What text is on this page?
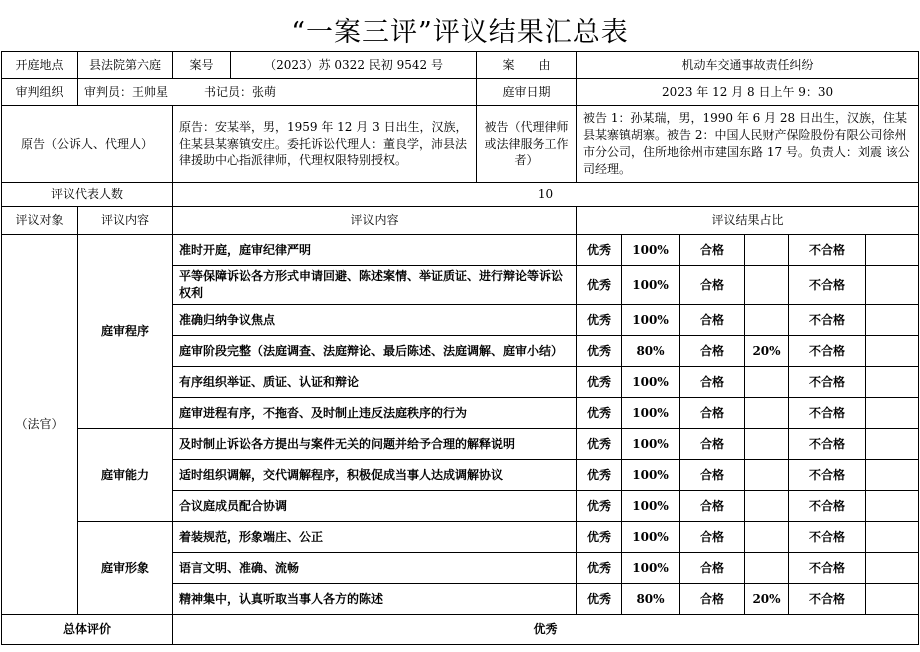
“一案三评”评议结果汇总表
开庭地点	县法院第六庭	案号	（2023）苏 0322 民初 9542 号	案　　由	机动车交通事故责任纠纷					
审判组织	审判员：王帅星　　　书记员：张萌			庭审日期	2023 年 12 月 8 日上午 9：30					
原告（公诉人、代理人）		原告：安某举，男，1959 年 12 月 3 日出生，汉族，住某县某寨镇安庄。委托诉讼代理人：董良学，沛县法律援助中心指派律师，代理权限特别授权。		被告（代理律师或法律服务工作者）	被告 1：孙某瑞，男，1990 年 6 月 28 日出生，汉族，住某县某寨镇胡寨。被告 2：中国人民财产保险股份有限公司徐州市分公司，住所地徐州市建国东路 17 号。负责人：刘震 该公司经理。					
评议代表人数		10								
评议对象	评议内容	评议内容			评议结果占比					
（法官）	庭审程序	准时开庭，庭审纪律严明			优秀	100%	合格		不合格	
		平等保障诉讼各方形式申请回避、陈述案情、举证质证、进行辩论等诉讼权利			优秀	100%	合格		不合格	
		准确归纳争议焦点			优秀	100%	合格		不合格	
		庭审阶段完整（法庭调查、法庭辩论、最后陈述、法庭调解、庭审小结）			优秀	80%	合格	20%	不合格	
		有序组织举证、质证、认证和辩论			优秀	100%	合格		不合格	
		庭审进程有序，不拖沓、及时制止违反法庭秩序的行为			优秀	100%	合格		不合格	
	庭审能力	及时制止诉讼各方提出与案件无关的问题并给予合理的解释说明			优秀	100%	合格		不合格	
		适时组织调解，交代调解程序，积极促成当事人达成调解协议			优秀	100%	合格		不合格	
		合议庭成员配合协调			优秀	100%	合格		不合格	
	庭审形象	着装规范，形象端庄、公正			优秀	100%	合格		不合格	
		语言文明、准确、流畅			优秀	100%	合格		不合格	
		精神集中，认真听取当事人各方的陈述			优秀	80%	合格	20%	不合格	
总体评价		优秀								
